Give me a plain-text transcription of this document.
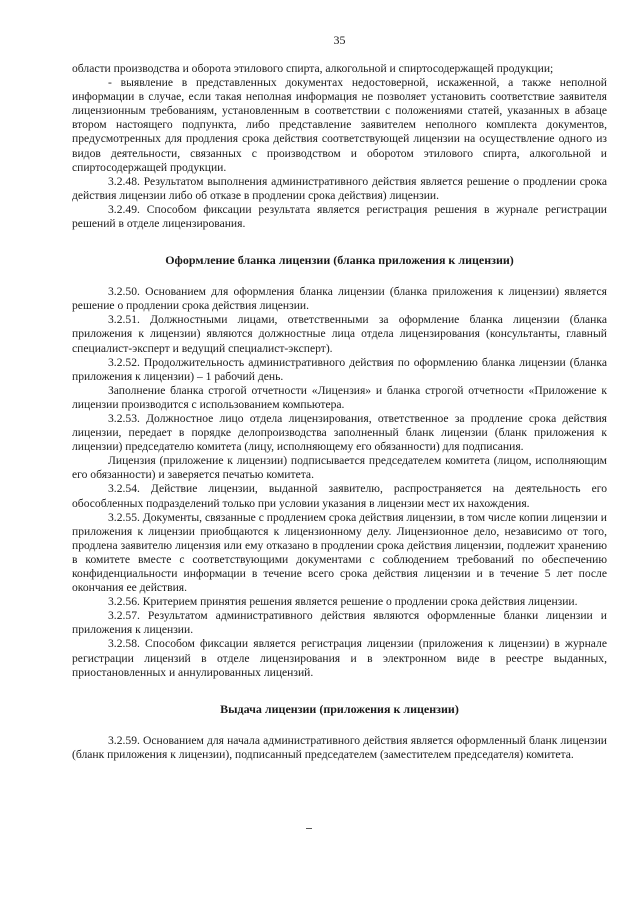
35

области производства и оборота этилового спирта, алкогольной и спиртосодержащей продукции;

- выявление в представленных документах недостоверной, искаженной, а также неполной информации в случае, если такая неполная информация не позволяет установить соответствие заявителя лицензионным требованиям, установленным в соответствии с положениями статей, указанных в абзаце втором настоящего подпункта, либо представление заявителем неполного комплекта документов, предусмотренных для продления срока действия соответствующей лицензии на осуществление одного из видов деятельности, связанных с производством и оборотом этилового спирта, алкогольной и спиртосодержащей продукции.

3.2.48. Результатом выполнения административного действия является решение о продлении срока действия лицензии либо об отказе в продлении срока действия) лицензии.

3.2.49. Способом фиксации результата является регистрация решения в журнале регистрации решений в отделе лицензирования.

Оформление бланка лицензии (бланка приложения к лицензии)

3.2.50. Основанием для оформления бланка лицензии (бланка приложения к лицензии) является решение о продлении срока действия лицензии.

3.2.51. Должностными лицами, ответственными за оформление бланка лицензии (бланка приложения к лицензии) являются должностные лица отдела лицензирования (консультанты, главный специалист-эксперт и ведущий специалист-эксперт).

3.2.52. Продолжительность административного действия по оформлению бланка лицензии (бланка приложения к лицензии) – 1 рабочий день.

Заполнение бланка строгой отчетности «Лицензия» и бланка строгой отчетности «Приложение к лицензии производится с использованием компьютера.

3.2.53. Должностное лицо отдела лицензирования, ответственное за продление срока действия лицензии, передает в порядке делопроизводства заполненный бланк лицензии (бланк приложения к лицензии) председателю комитета (лицу, исполняющему его обязанности) для подписания.

Лицензия (приложение к лицензии) подписывается председателем комитета (лицом, исполняющим его обязанности) и заверяется печатью комитета.

3.2.54. Действие лицензии, выданной заявителю, распространяется на деятельность его обособленных подразделений только при условии указания в лицензии мест их нахождения.

3.2.55. Документы, связанные с продлением срока действия лицензии, в том числе копии лицензии и приложения к лицензии приобщаются к лицензионному делу. Лицензионное дело, независимо от того, продлена заявителю лицензия или ему отказано в продлении срока действия лицензии, подлежит хранению в комитете вместе с соответствующими документами с соблюдением требований по обеспечению конфиденциальности информации в течение всего срока действия лицензии и в течение 5 лет после окончания ее действия.

3.2.56. Критерием принятия решения является решение о продлении срока действия лицензии.

3.2.57. Результатом административного действия являются оформленные бланки лицензии и приложения к лицензии.

3.2.58. Способом фиксации является регистрация лицензии (приложения к лицензии) в журнале регистрации лицензий в отделе лицензирования и в электронном виде в реестре выданных, приостановленных и аннулированных лицензий.

Выдача лицензии (приложения к лицензии)

3.2.59. Основанием для начала административного действия является оформленный бланк лицензии (бланк приложения к лицензии), подписанный председателем (заместителем председателя) комитета.
